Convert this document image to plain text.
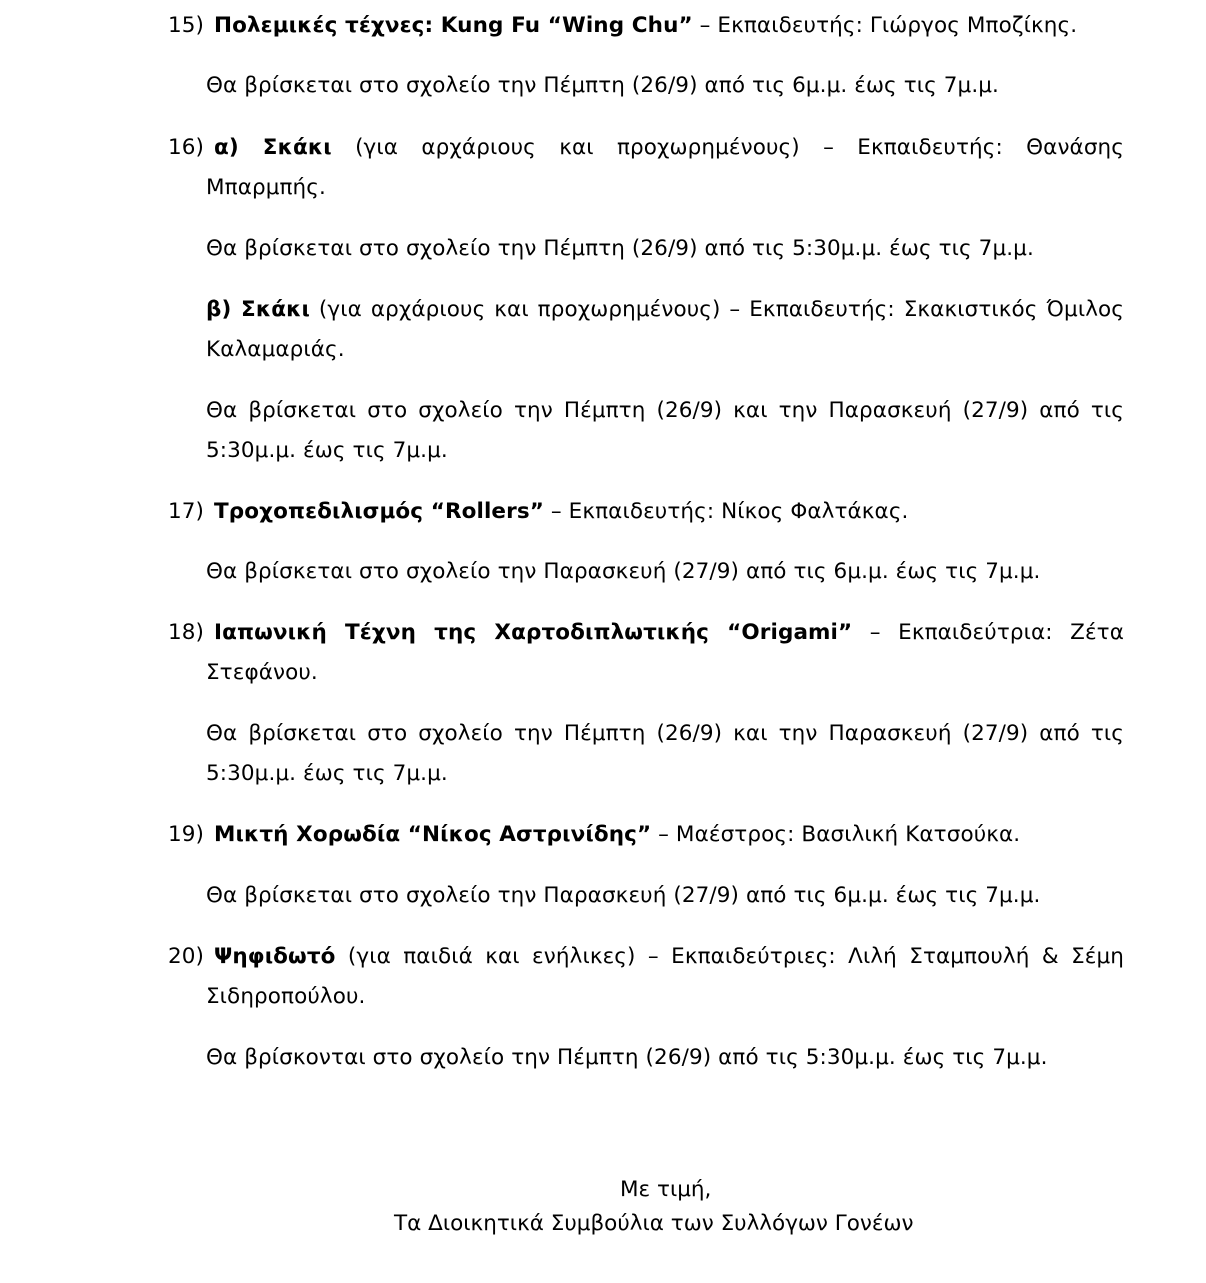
15) Πολεμικές τέχνες: Kung Fu “Wing Chu” – Εκπαιδευτής: Γιώργος Μποζίκης.
Θα βρίσκεται στο σχολείο την Πέμπτη (26/9) από τις 6μ.μ. έως τις 7μ.μ.
16) α) Σκάκι (για αρχάριους και προχωρημένους) – Εκπαιδευτής: Θανάσης
Μπαρμπής.
Θα βρίσκεται στο σχολείο την Πέμπτη (26/9) από τις 5:30μ.μ. έως τις 7μ.μ.
β) Σκάκι (για αρχάριους και προχωρημένους) – Εκπαιδευτής: Σκακιστικός Όμιλος Καλαμαριάς.
Θα βρίσκεται στο σχολείο την Πέμπτη (26/9) και την Παρασκευή (27/9) από τις 5:30μ.μ. έως τις 7μ.μ.
17) Τροχοπεδιλισμός “Rollers” – Εκπαιδευτής: Νίκος Φαλτάκας.
Θα βρίσκεται στο σχολείο την Παρασκευή (27/9) από τις 6μ.μ. έως τις 7μ.μ.
18) Ιαπωνική Τέχνη της Χαρτοδιπλωτικής “Origami” – Εκπαιδεύτρια: Ζέτα
Στεφάνου.
Θα βρίσκεται στο σχολείο την Πέμπτη (26/9) και την Παρασκευή (27/9) από τις 5:30μ.μ. έως τις 7μ.μ.
19) Μικτή Χορωδία “Νίκος Αστρινίδης” – Μαέστρος: Βασιλική Κατσούκα.
Θα βρίσκεται στο σχολείο την Παρασκευή (27/9) από τις 6μ.μ. έως τις 7μ.μ.
20) Ψηφιδωτό (για παιδιά και ενήλικες) – Εκπαιδεύτριες: Λιλή Σταμπουλή & Σέμη
Σιδηροπούλου.
Θα βρίσκονται στο σχολείο την Πέμπτη (26/9) από τις 5:30μ.μ. έως τις 7μ.μ.
Με τιμή,
Τα Διοικητικά Συμβούλια των Συλλόγων Γονέων
